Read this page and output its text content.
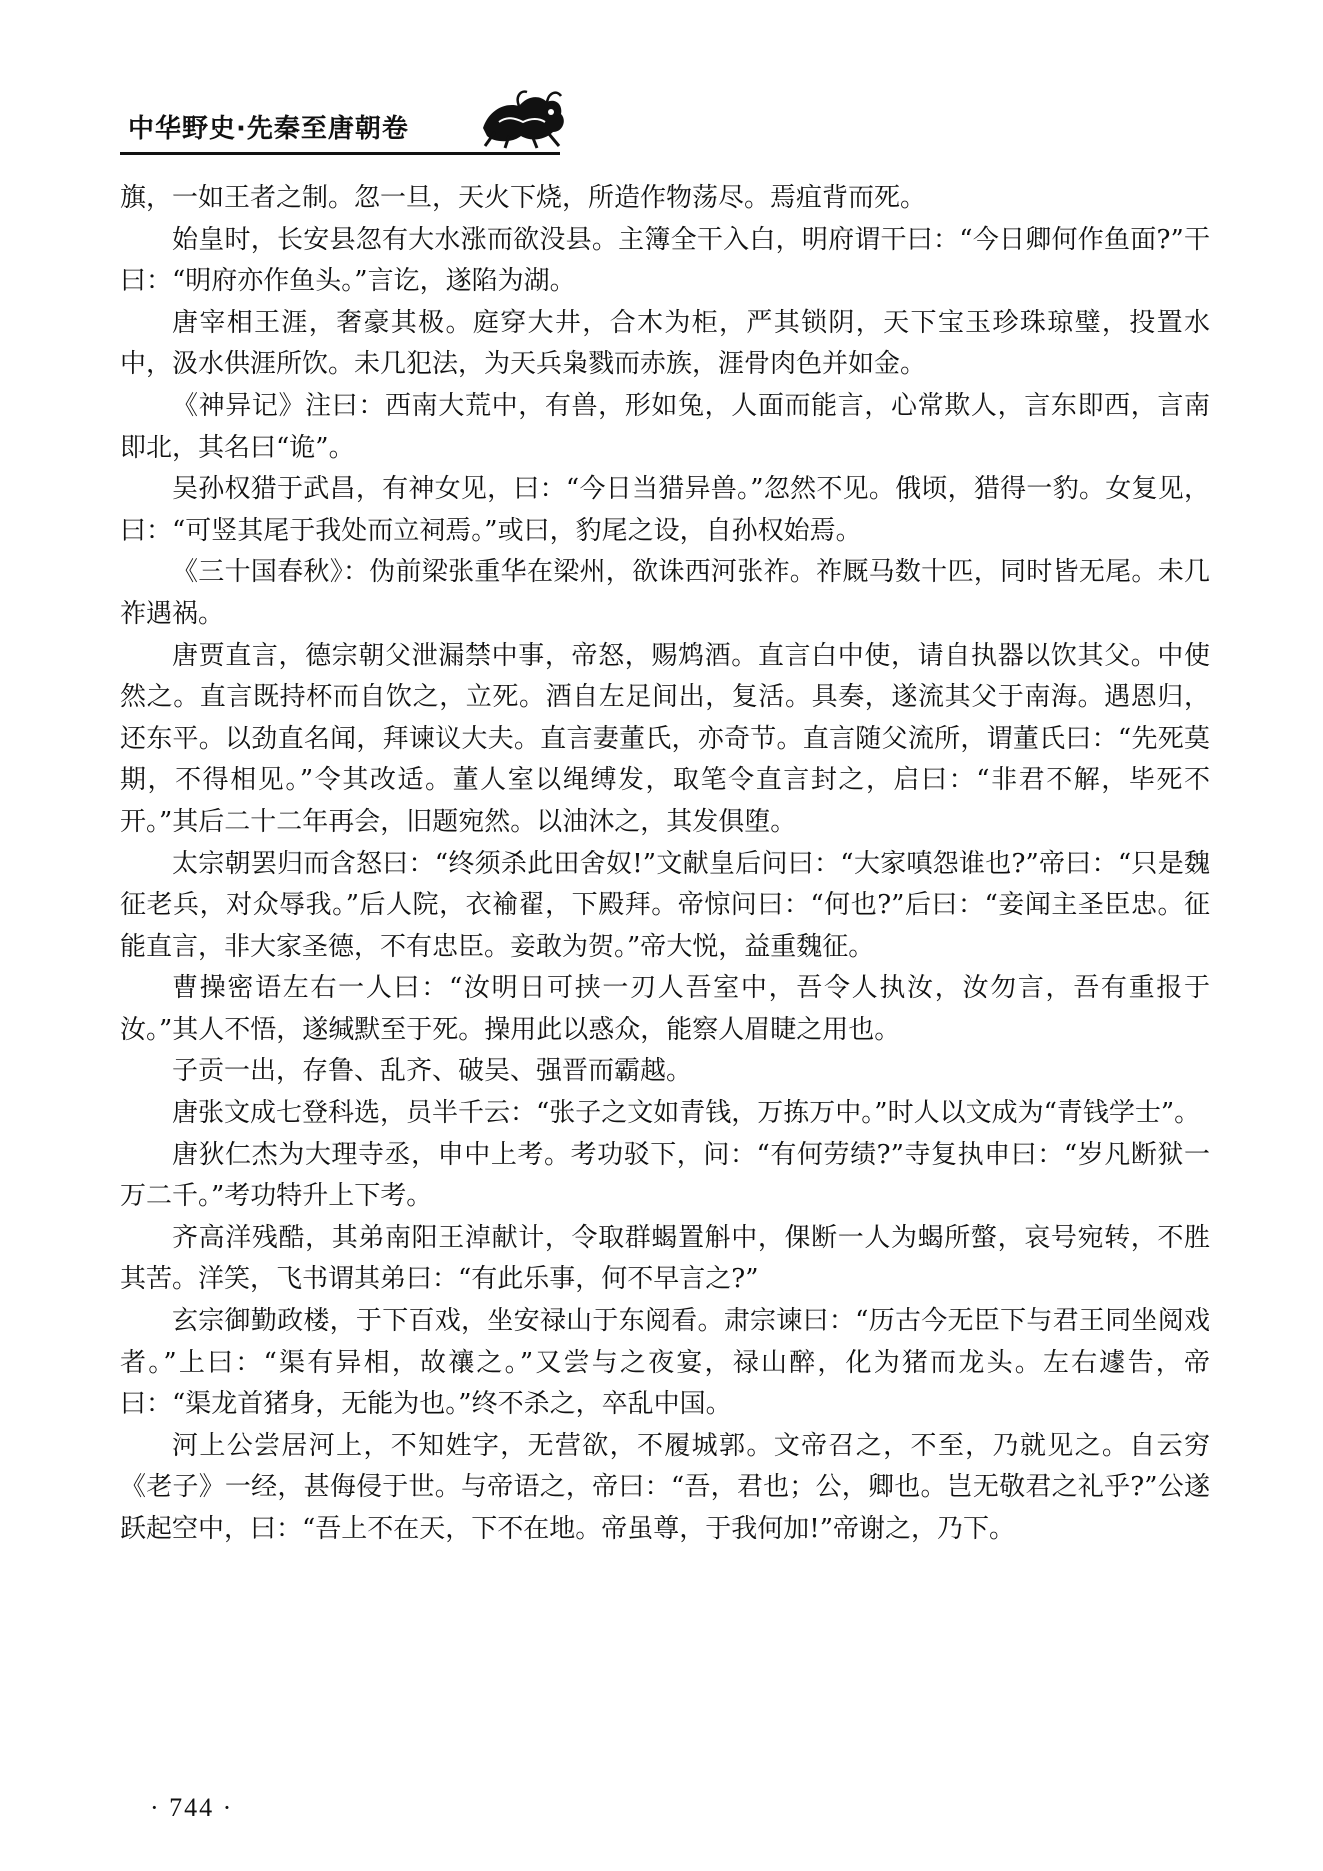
中华野史·先秦至唐朝卷

旗，一如王者之制。忽一旦，天火下烧，所造作物荡尽。焉疽背而死。

始皇时，长安县忽有大水涨而欲没县。主簿全干入白，明府谓干曰：“今日卿何作鱼面?”干曰：“明府亦作鱼头。”言讫，遂陷为湖。

唐宰相王涯，奢豪其极。庭穿大井，合木为柜，严其锁阴，天下宝玉珍珠琼璧，投置水中，汲水供涯所饮。未几犯法，为天兵枭戮而赤族，涯骨肉色并如金。

《神异记》注曰：西南大荒中，有兽，形如兔，人面而能言，心常欺人，言东即西，言南即北，其名曰“诡”。

吴孙权猎于武昌，有神女见，曰：“今日当猎异兽。”忽然不见。俄顷，猎得一豹。女复见，曰：“可竖其尾于我处而立祠焉。”或曰，豹尾之设，自孙权始焉。

《三十国春秋》：伪前梁张重华在梁州，欲诛西河张祚。祚厩马数十匹，同时皆无尾。未几祚遇祸。

唐贾直言，德宗朝父泄漏禁中事，帝怒，赐鸩酒。直言白中使，请自执器以饮其父。中使然之。直言既持杯而自饮之，立死。酒自左足间出，复活。具奏，遂流其父于南海。遇恩归，还东平。以劲直名闻，拜谏议大夫。直言妻董氏，亦奇节。直言随父流所，谓董氏曰：“先死莫期，不得相见。”令其改适。董人室以绳缚发，取笔令直言封之，启曰：“非君不解，毕死不开。”其后二十二年再会，旧题宛然。以油沐之，其发俱堕。

太宗朝罢归而含怒曰：“终须杀此田舍奴!”文献皇后问曰：“大家嗔怨谁也?”帝曰：“只是魏征老兵，对众辱我。”后人院，衣褕翟，下殿拜。帝惊问曰：“何也?”后曰：“妾闻主圣臣忠。征能直言，非大家圣德，不有忠臣。妾敢为贺。”帝大悦，益重魏征。

曹操密语左右一人曰：“汝明日可挟一刃人吾室中，吾令人执汝，汝勿言，吾有重报于汝。”其人不悟，遂缄默至于死。操用此以惑众，能察人眉睫之用也。

子贡一出，存鲁、乱齐、破吴、强晋而霸越。

唐张文成七登科选，员半千云：“张子之文如青钱，万拣万中。”时人以文成为“青钱学士”。

唐狄仁杰为大理寺丞，申中上考。考功驳下，问：“有何劳绩?”寺复执申曰：“岁凡断狱一万二千。”考功特升上下考。

齐高洋残酷，其弟南阳王淖献计，令取群蝎置斛中，倮断一人为蝎所螫，哀号宛转，不胜其苦。洋笑，飞书谓其弟曰：“有此乐事，何不早言之?”

玄宗御勤政楼，于下百戏，坐安禄山于东阅看。肃宗谏曰：“历古今无臣下与君王同坐阅戏者。”上曰：“渠有异相，故禳之。”又尝与之夜宴，禄山醉，化为猪而龙头。左右遽告，帝曰：“渠龙首猪身，无能为也。”终不杀之，卒乱中国。

河上公尝居河上，不知姓字，无营欲，不履城郭。文帝召之，不至，乃就见之。自云穷《老子》一经，甚侮侵于世。与帝语之，帝曰：“吾，君也；公，卿也。岂无敬君之礼乎?”公遂跃起空中，曰：“吾上不在天，下不在地。帝虽尊，于我何加!”帝谢之，乃下。

· 744 ·
